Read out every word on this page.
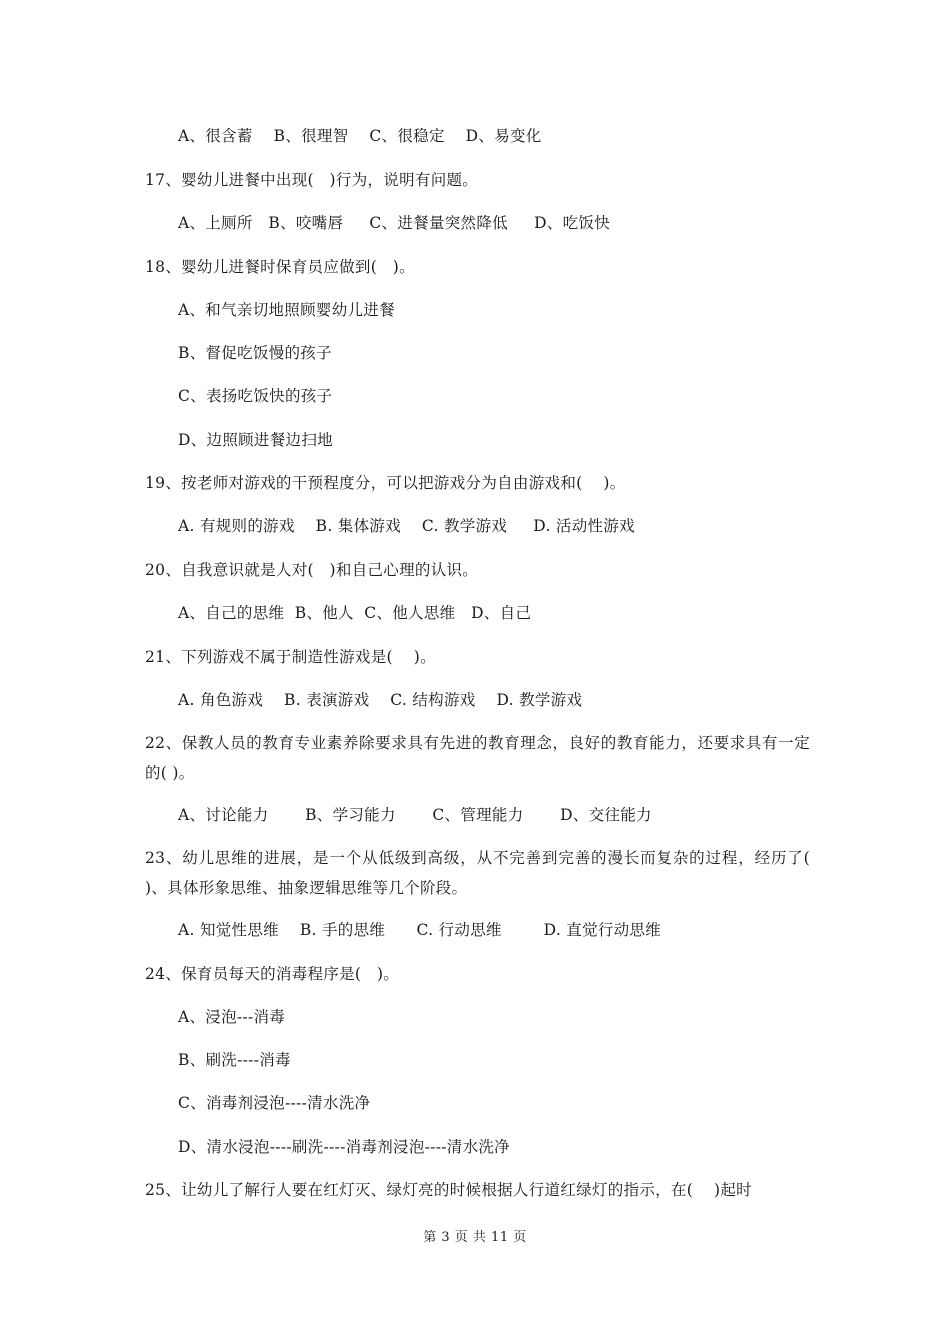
A、很含蓄    B、很理智    C、很稳定    D、易变化
17、婴幼儿进餐中出现(   )行为，说明有问题。
A、上厕所   B、咬嘴唇     C、进餐量突然降低     D、吃饭快
18、婴幼儿进餐时保育员应做到(   )。
A、和气亲切地照顾婴幼儿进餐
B、督促吃饭慢的孩子
C、表扬吃饭快的孩子
D、边照顾进餐边扫地
19、按老师对游戏的干预程度分，可以把游戏分为自由游戏和(    )。
A. 有规则的游戏    B. 集体游戏    C. 教学游戏     D. 活动性游戏
20、自我意识就是人对(   )和自己心理的认识。
A、自己的思维  B、他人  C、他人思维   D、自己
21、下列游戏不属于制造性游戏是(    )。
A. 角色游戏    B. 表演游戏    C. 结构游戏    D. 教学游戏
22、保教人员的教育专业素养除要求具有先进的教育理念，良好的教育能力，还要求具有一定的( )。
A、讨论能力       B、学习能力       C、管理能力       D、交往能力
23、幼儿思维的进展，是一个从低级到高级，从不完善到完善的漫长而复杂的过程，经历了( )、具体形象思维、抽象逻辑思维等几个阶段。
A. 知觉性思维    B. 手的思维      C. 行动思维        D. 直觉行动思维
24、保育员每天的消毒程序是(   )。
A、浸泡---消毒
B、刷洗----消毒
C、消毒剂浸泡----清水洗净
D、清水浸泡----刷洗----消毒剂浸泡----清水洗净
25、让幼儿了解行人要在红灯灭、绿灯亮的时候根据人行道红绿灯的指示，在(    )起时
第 3 页 共 11 页
